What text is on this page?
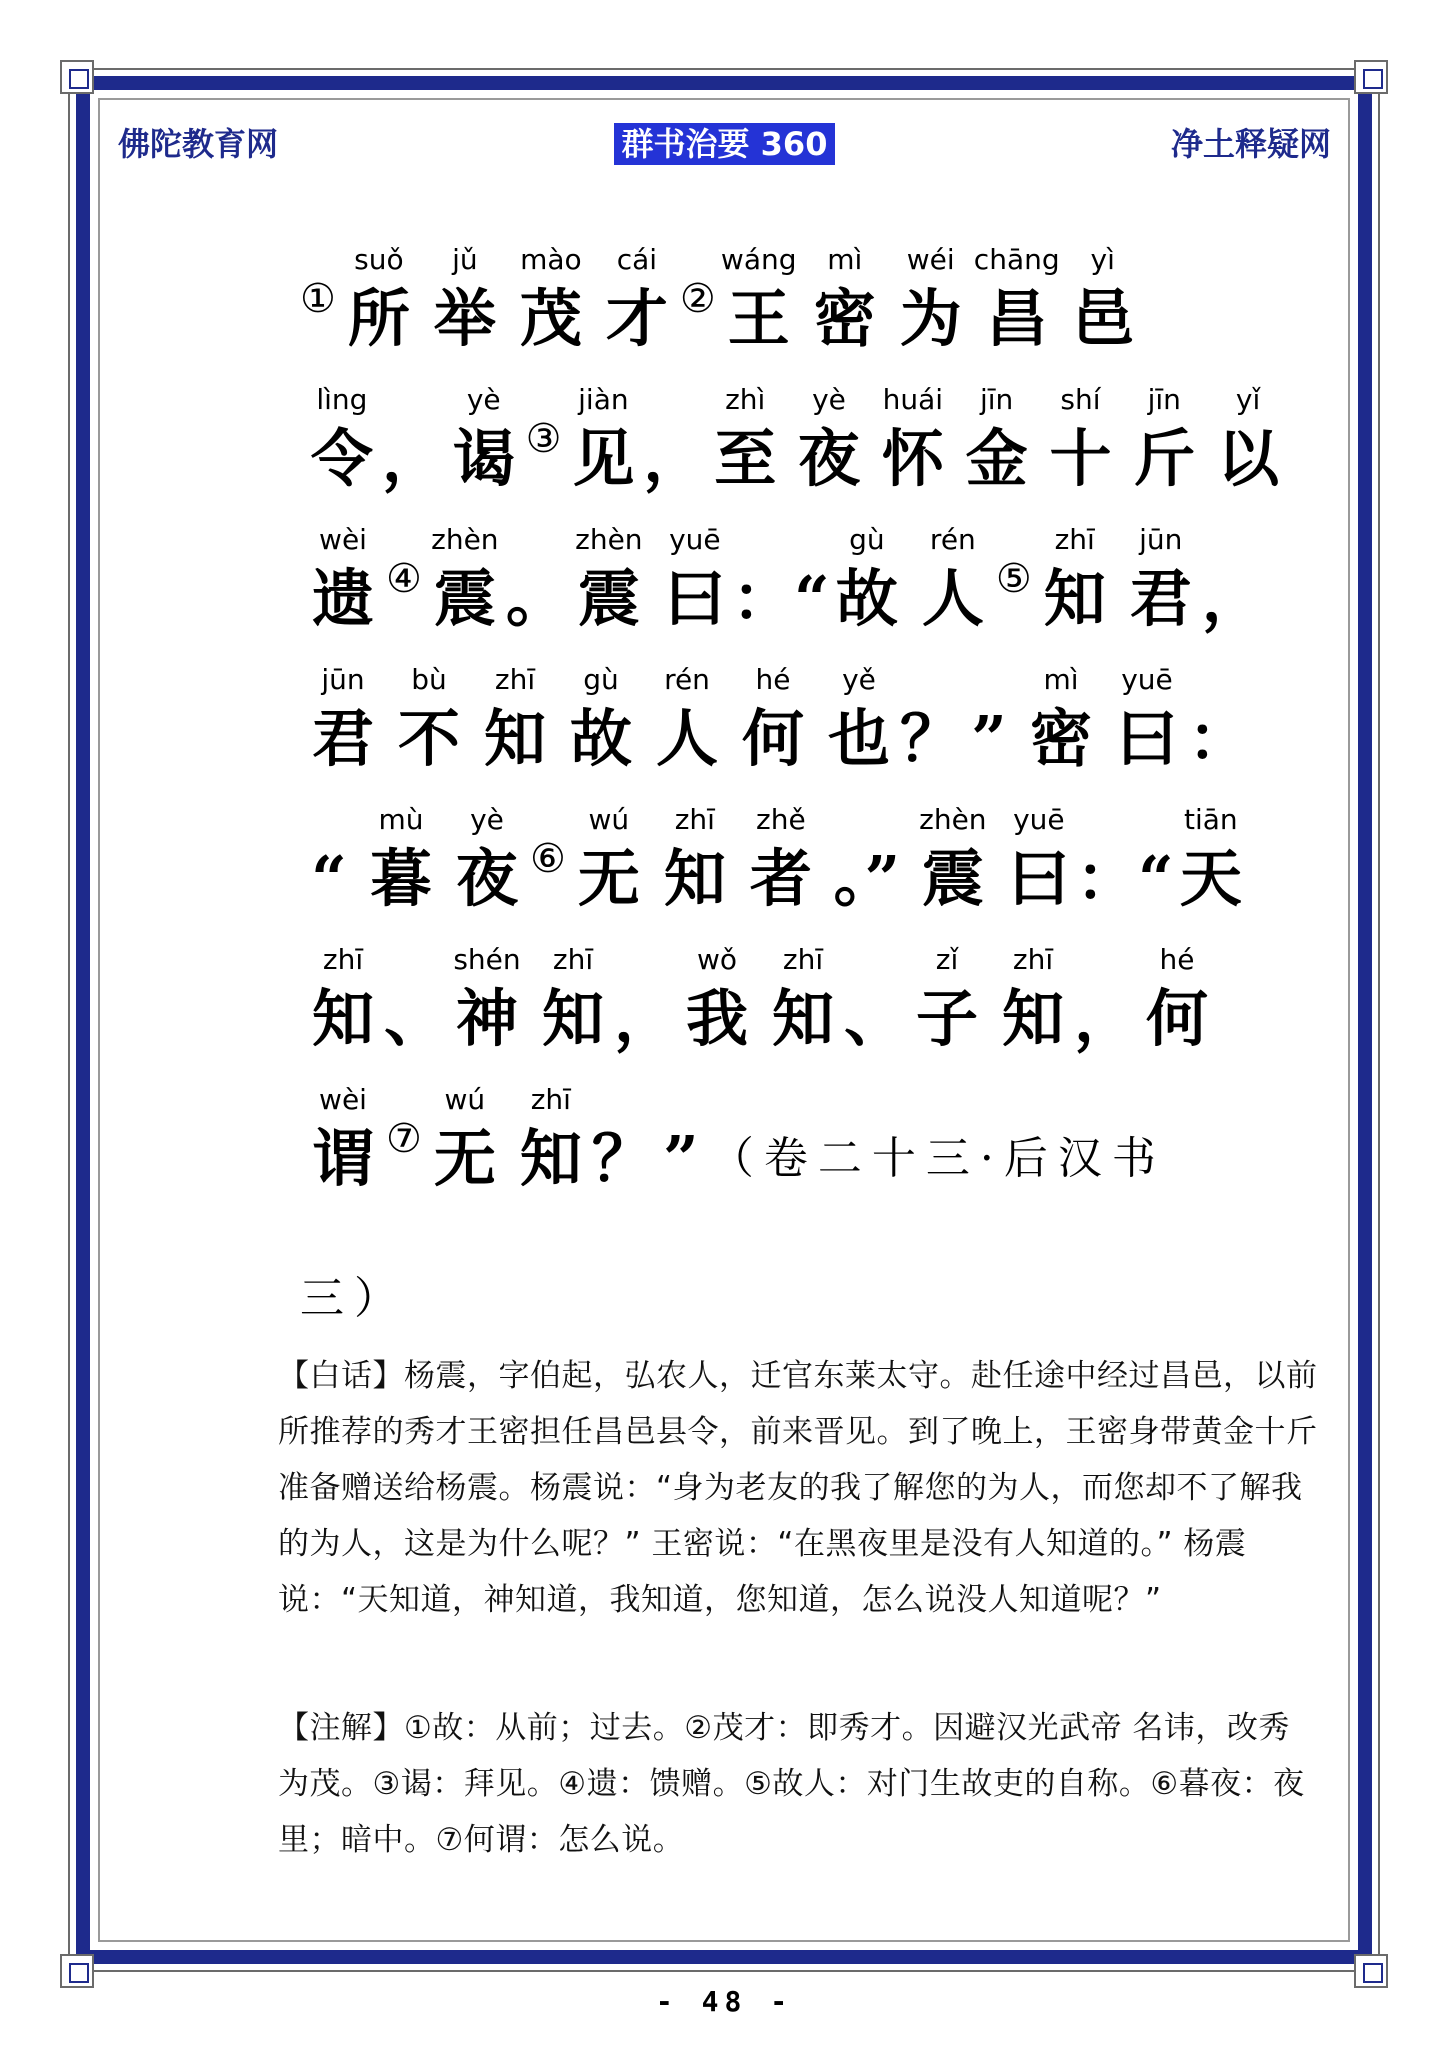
佛陀教育网	群书治要 360	净土释疑网
①
suǒ
所
jǔ
举
mào
茂
cái
才 ②
wáng
王
mì
密
wéi
为
chāng
昌
yì
邑
lìng
令 ，
yè
谒 ③
jiàn
见 ，
zhì
至
yè
夜
huái
怀
jīn
金
shí
十
jīn
斤
yǐ
以
wèi
遗 ④
zhèn
震 。
zhèn
震
yuē
曰 ：“
gù
故
rén
人 ⑤
zhī
知
jūn
君 ，
jūn
君
bù
不
zhī
知
gù
故
rén
人
hé
何
yě
也 ？ ”
mì
密
yuē
曰 ：
“
mù
暮
yè
夜 ⑥
wú
无
zhī
知
zhě
者 。”
zhèn
震
yuē
曰 ：“
tiān
天
zhī
知 、
shén
神
zhī
知 ，
wǒ
我
zhī
知 、
zǐ
子
zhī
知 ，
hé
何
wèi
谓 ⑦
wú
无
zhī
知 ？ ” （卷二十三·后汉书
三）
【白话】杨震，字伯起，弘农人，迁官东莱太守。赴任途中经过昌邑，以前所推荐的秀才王密担任昌邑县令，前来晋见。到了晚上，王密身带黄金十斤准备赠送给杨震。杨震说：“身为老友的我了解您的为人，而您却不了解我的为人，这是为什么呢？” 王密说：“在黑夜里是没有人知道的。” 杨震说：“天知道，神知道，我知道，您知道，怎么说没人知道呢？”
【注解】①故：从前；过去。②茂才：即秀才。因避汉光武帝 名讳，改秀为茂。③谒：拜见。④遗：馈赠。⑤故人：对门生故吏的自称。⑥暮夜：夜里；暗中。⑦何谓：怎么说。
- 48 -
